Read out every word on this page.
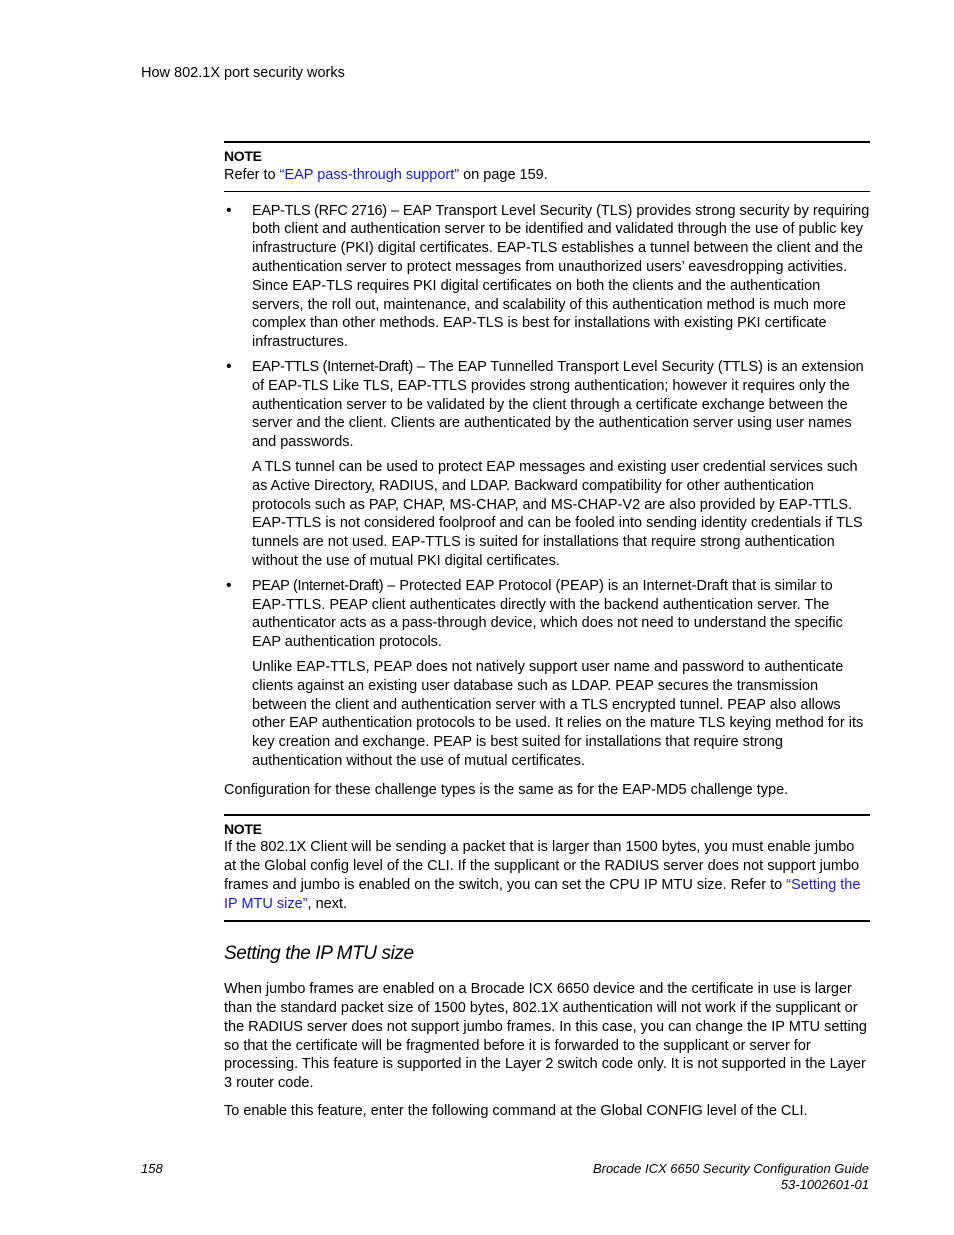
How 802.1X port security works
NOTE
Refer to “EAP pass-through support” on page 159.
• EAP-TLS (RFC 2716) – EAP Transport Level Security (TLS) provides strong security by requiring both client and authentication server to be identified and validated through the use of public key infrastructure (PKI) digital certificates. EAP-TLS establishes a tunnel between the client and the authentication server to protect messages from unauthorized users’ eavesdropping activities. Since EAP-TLS requires PKI digital certificates on both the clients and the authentication servers, the roll out, maintenance, and scalability of this authentication method is much more complex than other methods. EAP-TLS is best for installations with existing PKI certificate infrastructures.

• EAP-TTLS (Internet-Draft) – The EAP Tunnelled Transport Level Security (TTLS) is an extension of EAP-TLS Like TLS, EAP-TTLS provides strong authentication; however it requires only the authentication server to be validated by the client through a certificate exchange between the server and the client. Clients are authenticated by the authentication server using user names and passwords.

A TLS tunnel can be used to protect EAP messages and existing user credential services such as Active Directory, RADIUS, and LDAP. Backward compatibility for other authentication protocols such as PAP, CHAP, MS-CHAP, and MS-CHAP-V2 are also provided by EAP-TTLS. EAP-TTLS is not considered foolproof and can be fooled into sending identity credentials if TLS tunnels are not used. EAP-TTLS is suited for installations that require strong authentication without the use of mutual PKI digital certificates.

• PEAP (Internet-Draft) – Protected EAP Protocol (PEAP) is an Internet-Draft that is similar to EAP-TTLS. PEAP client authenticates directly with the backend authentication server. The authenticator acts as a pass-through device, which does not need to understand the specific EAP authentication protocols.

Unlike EAP-TTLS, PEAP does not natively support user name and password to authenticate clients against an existing user database such as LDAP. PEAP secures the transmission between the client and authentication server with a TLS encrypted tunnel. PEAP also allows other EAP authentication protocols to be used. It relies on the mature TLS keying method for its key creation and exchange. PEAP is best suited for installations that require strong authentication without the use of mutual certificates.

Configuration for these challenge types is the same as for the EAP-MD5 challenge type.

NOTE
If the 802.1X Client will be sending a packet that is larger than 1500 bytes, you must enable jumbo at the Global config level of the CLI. If the supplicant or the RADIUS server does not support jumbo frames and jumbo is enabled on the switch, you can set the CPU IP MTU size. Refer to “Setting the IP MTU size”, next.
Setting the IP MTU size

When jumbo frames are enabled on a Brocade ICX 6650 device and the certificate in use is larger than the standard packet size of 1500 bytes, 802.1X authentication will not work if the supplicant or the RADIUS server does not support jumbo frames. In this case, you can change the IP MTU setting so that the certificate will be fragmented before it is forwarded to the supplicant or server for processing. This feature is supported in the Layer 2 switch code only. It is not supported in the Layer 3 router code.

To enable this feature, enter the following command at the Global CONFIG level of the CLI.

158	Brocade ICX 6650 Security Configuration Guide
53-1002601-01
